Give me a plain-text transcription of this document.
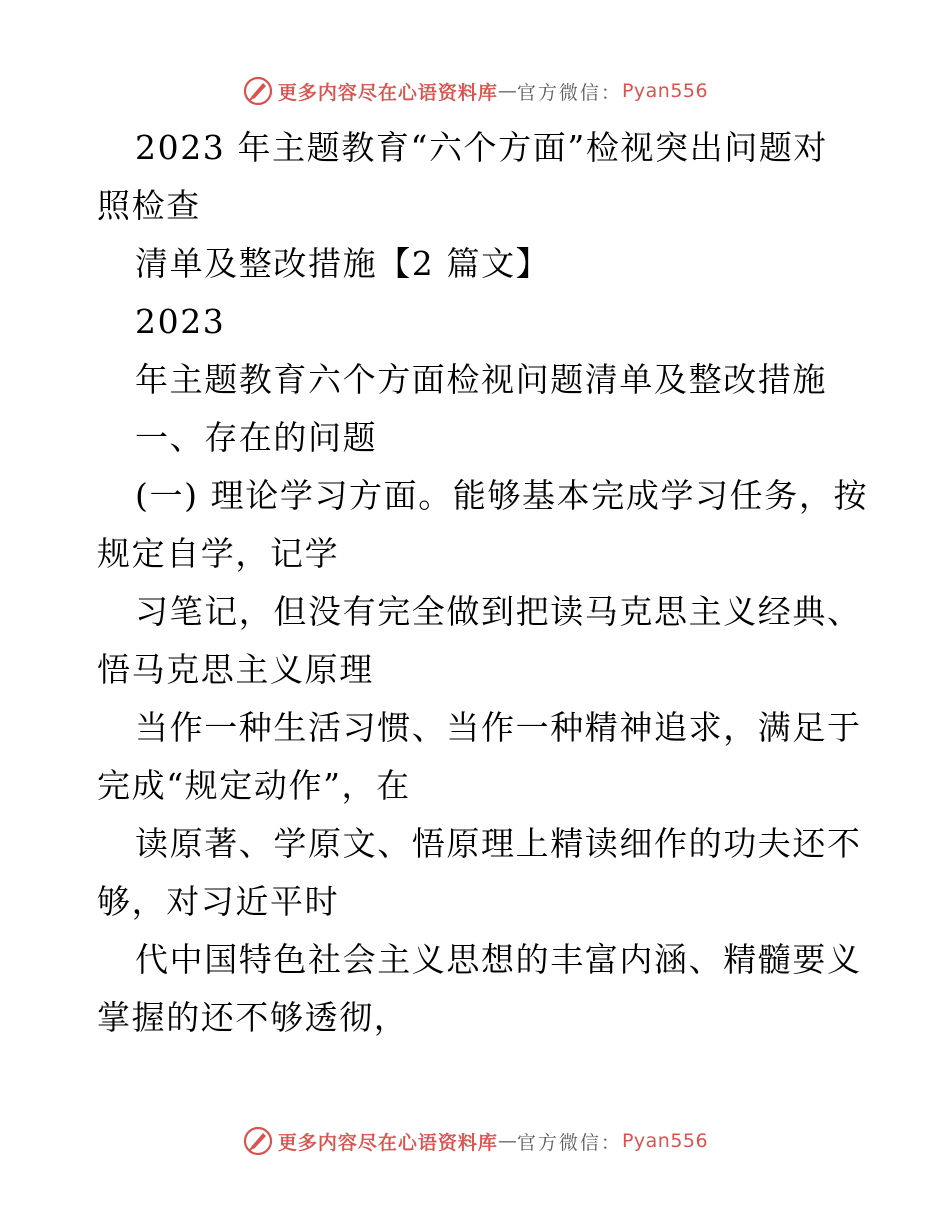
更多内容尽在心语资料库 — 官方微信： Pyan556
2023 年主题教育“六个方面”检视突出问题对
照检查
清单及整改措施【2 篇文】
2023
年主题教育六个方面检视问题清单及整改措施
一、存在的问题
(一) 理论学习方面。能够基本完成学习任务，按
规定自学，记学
习笔记，但没有完全做到把读马克思主义经典、
悟马克思主义原理
当作一种生活习惯、当作一种精神追求，满足于
完成“规定动作”，在
读原著、学原文、悟原理上精读细作的功夫还不
够，对习近平时
代中国特色社会主义思想的丰富内涵、精髓要义
掌握的还不够透彻，
更多内容尽在心语资料库 — 官方微信： Pyan556
